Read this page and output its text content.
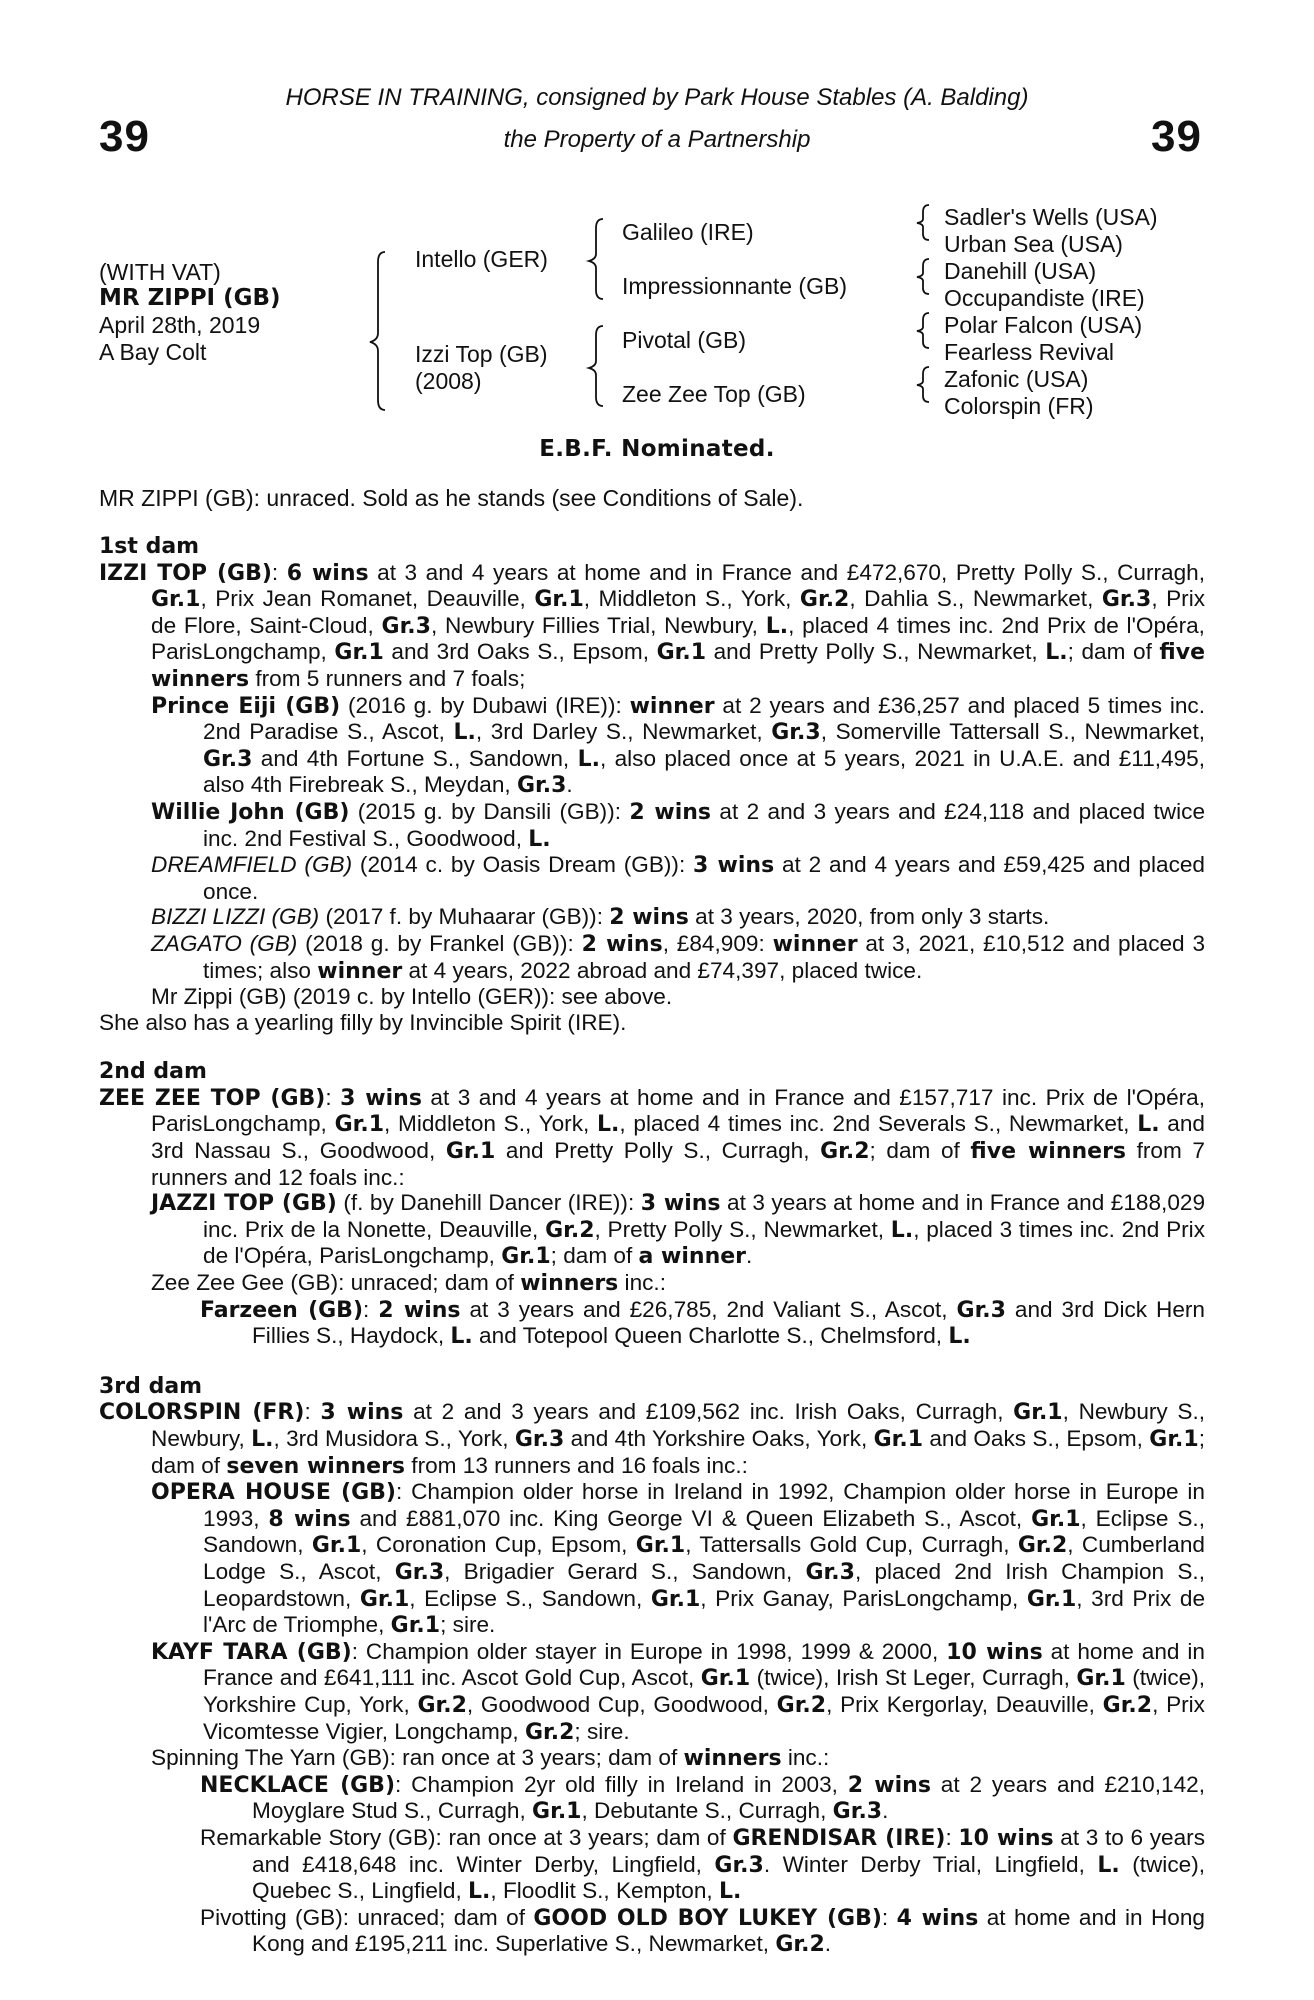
39	39
HORSE IN TRAINING, consigned by Park House Stables (A. Balding)
the Property of a Partnership
(WITH VAT)
MR ZIPPI (GB)
April 28th, 2019
A Bay Colt
Intello (GER)
Izzi Top (GB)
(2008)
Galileo (IRE)
Impressionnante (GB)
Pivotal (GB)
Zee Zee Top (GB)
Sadler's Wells (USA)
Urban Sea (USA)
Danehill (USA)
Occupandiste (IRE)
Polar Falcon (USA)
Fearless Revival
Zafonic (USA)
Colorspin (FR)
E.B.F. Nominated.
MR ZIPPI (GB): unraced. Sold as he stands (see Conditions of Sale).
1st dam

IZZI TOP (GB): 6 wins at 3 and 4 years at home and in France and £472,670, Pretty Polly S., Curragh, Gr.1, Prix Jean Romanet, Deauville, Gr.1, Middleton S., York, Gr.2, Dahlia S., Newmarket, Gr.3, Prix de Flore, Saint-Cloud, Gr.3, Newbury Fillies Trial, Newbury, L., placed 4 times inc. 2nd Prix de l'Opéra, ParisLongchamp, Gr.1 and 3rd Oaks S., Epsom, Gr.1 and Pretty Polly S., Newmarket, L.; dam of five winners from 5 runners and 7 foals;

Prince Eiji (GB) (2016 g. by Dubawi (IRE)): winner at 2 years and £36,257 and placed 5 times inc. 2nd Paradise S., Ascot, L., 3rd Darley S., Newmarket, Gr.3, Somerville Tattersall S., Newmarket, Gr.3 and 4th Fortune S., Sandown, L., also placed once at 5 years, 2021 in U.A.E. and £11,495, also 4th Firebreak S., Meydan, Gr.3.

Willie John (GB) (2015 g. by Dansili (GB)): 2 wins at 2 and 3 years and £24,118 and placed twice inc. 2nd Festival S., Goodwood, L.

DREAMFIELD (GB) (2014 c. by Oasis Dream (GB)): 3 wins at 2 and 4 years and £59,425 and placed once.

BIZZI LIZZI (GB) (2017 f. by Muhaarar (GB)): 2 wins at 3 years, 2020, from only 3 starts.

ZAGATO (GB) (2018 g. by Frankel (GB)): 2 wins, £84,909: winner at 3, 2021, £10,512 and placed 3 times; also winner at 4 years, 2022 abroad and £74,397, placed twice.

Mr Zippi (GB) (2019 c. by Intello (GER)): see above.

She also has a yearling filly by Invincible Spirit (IRE).

2nd dam

ZEE ZEE TOP (GB): 3 wins at 3 and 4 years at home and in France and £157,717 inc. Prix de l'Opéra, ParisLongchamp, Gr.1, Middleton S., York, L., placed 4 times inc. 2nd Severals S., Newmarket, L. and 3rd Nassau S., Goodwood, Gr.1 and Pretty Polly S., Curragh, Gr.2; dam of five winners from 7 runners and 12 foals inc.:

JAZZI TOP (GB) (f. by Danehill Dancer (IRE)): 3 wins at 3 years at home and in France and £188,029 inc. Prix de la Nonette, Deauville, Gr.2, Pretty Polly S., Newmarket, L., placed 3 times inc. 2nd Prix de l'Opéra, ParisLongchamp, Gr.1; dam of a winner.

Zee Zee Gee (GB): unraced; dam of winners inc.:

Farzeen (GB): 2 wins at 3 years and £26,785, 2nd Valiant S., Ascot, Gr.3 and 3rd Dick Hern Fillies S., Haydock, L. and Totepool Queen Charlotte S., Chelmsford, L.

3rd dam

COLORSPIN (FR): 3 wins at 2 and 3 years and £109,562 inc. Irish Oaks, Curragh, Gr.1, Newbury S., Newbury, L., 3rd Musidora S., York, Gr.3 and 4th Yorkshire Oaks, York, Gr.1 and Oaks S., Epsom, Gr.1; dam of seven winners from 13 runners and 16 foals inc.:

OPERA HOUSE (GB): Champion older horse in Ireland in 1992, Champion older horse in Europe in 1993, 8 wins and £881,070 inc. King George VI & Queen Elizabeth S., Ascot, Gr.1, Eclipse S., Sandown, Gr.1, Coronation Cup, Epsom, Gr.1, Tattersalls Gold Cup, Curragh, Gr.2, Cumberland Lodge S., Ascot, Gr.3, Brigadier Gerard S., Sandown, Gr.3, placed 2nd Irish Champion S., Leopardstown, Gr.1, Eclipse S., Sandown, Gr.1, Prix Ganay, ParisLongchamp, Gr.1, 3rd Prix de l'Arc de Triomphe, Gr.1; sire.

KAYF TARA (GB): Champion older stayer in Europe in 1998, 1999 & 2000, 10 wins at home and in France and £641,111 inc. Ascot Gold Cup, Ascot, Gr.1 (twice), Irish St Leger, Curragh, Gr.1 (twice), Yorkshire Cup, York, Gr.2, Goodwood Cup, Goodwood, Gr.2, Prix Kergorlay, Deauville, Gr.2, Prix Vicomtesse Vigier, Longchamp, Gr.2; sire.

Spinning The Yarn (GB): ran once at 3 years; dam of winners inc.:

NECKLACE (GB): Champion 2yr old filly in Ireland in 2003, 2 wins at 2 years and £210,142, Moyglare Stud S., Curragh, Gr.1, Debutante S., Curragh, Gr.3.

Remarkable Story (GB): ran once at 3 years; dam of GRENDISAR (IRE): 10 wins at 3 to 6 years and £418,648 inc. Winter Derby, Lingfield, Gr.3. Winter Derby Trial, Lingfield, L. (twice), Quebec S., Lingfield, L., Floodlit S., Kempton, L.

Pivotting (GB): unraced; dam of GOOD OLD BOY LUKEY (GB): 4 wins at home and in Hong Kong and £195,211 inc. Superlative S., Newmarket, Gr.2.
